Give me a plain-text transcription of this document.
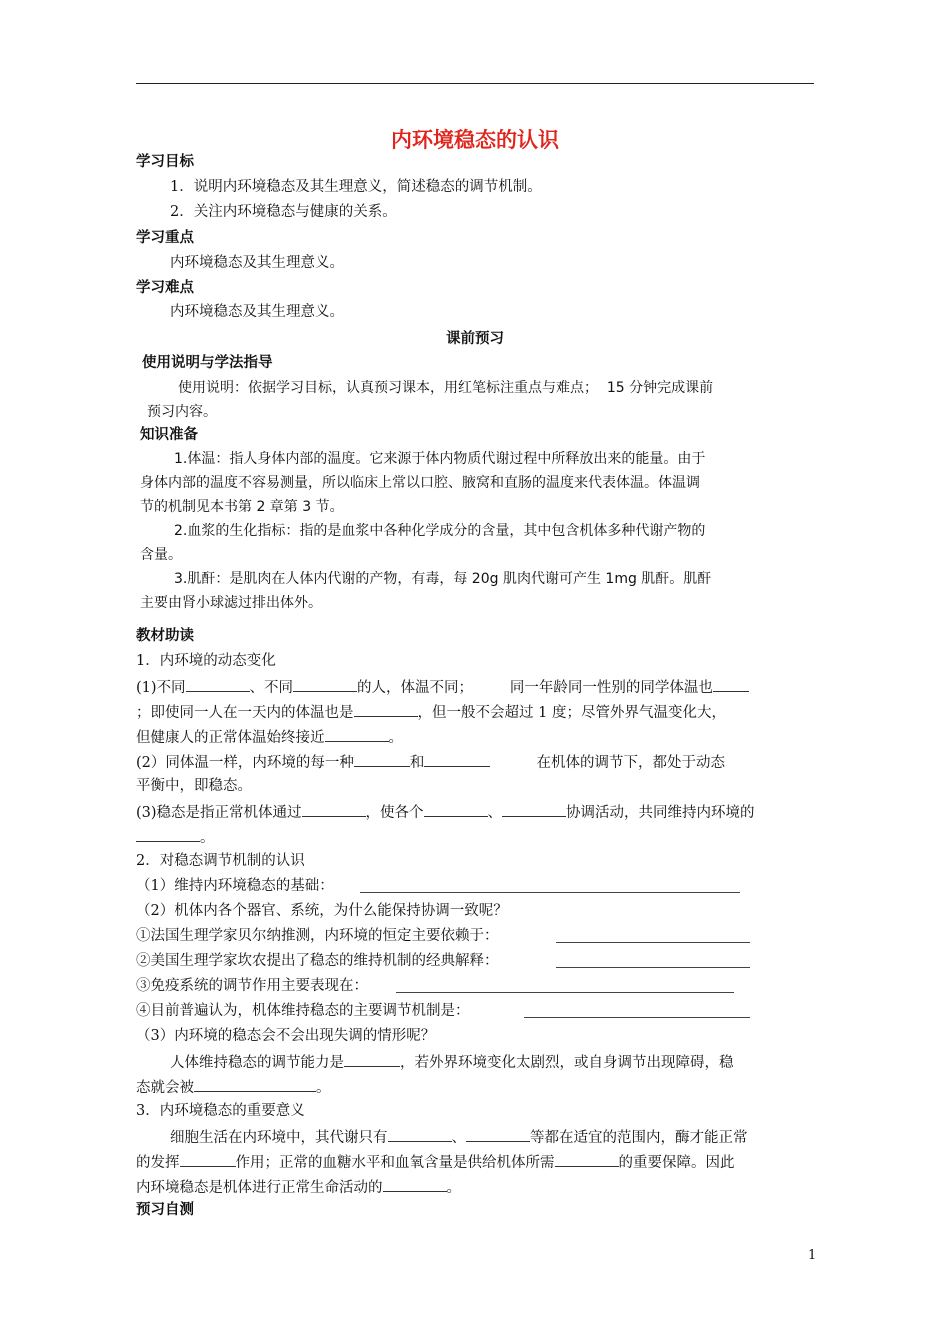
内环境稳态的认识
学习目标
1．说明内环境稳态及其生理意义，简述稳态的调节机制。
2．关注内环境稳态与健康的关系。
学习重点
内环境稳态及其生理意义。
学习难点
内环境稳态及其生理意义。
课前预习
使用说明与学法指导
使用说明：依据学习目标，认真预习课本，用红笔标注重点与难点；  15 分钟完成课前
预习内容。
知识准备
1.体温：指人身体内部的温度。它来源于体内物质代谢过程中所释放出来的能量。由于
身体内部的温度不容易测量，所以临床上常以口腔、腋窝和直肠的温度来代表体温。体温调
节的机制见本书第 2 章第 3 节。
2.血浆的生化指标：指的是血浆中各种化学成分的含量，其中包含机体多种代谢产物的
含量。
3.肌酐：是肌肉在人体内代谢的产物，有毒，每 20g 肌肉代谢可产生 1mg 肌酐。肌酐
主要由肾小球滤过排出体外。
教材助读
1．内环境的动态变化
(1)不同	、不同	的人，体温不同；	同一年龄同一性别的同学体温也
；即使同一人在一天内的体温也是	，但一般不会超过 1 度；尽管外界气温变化大，
但健康人的正常体温始终接近	。
(2）同体温一样，内环境的每一种	和	在机体的调节下，都处于动态
平衡中，即稳态。
(3)稳态是指正常机体通过	，使各个	、	协调活动，共同维持内环境的
。
2．对稳态调节机制的认识
（1）维持内环境稳态的基础：
（2）机体内各个器官、系统，为什么能保持协调一致呢？
①法国生理学家贝尔纳推测，内环境的恒定主要依赖于：
②美国生理学家坎农提出了稳态的维持机制的经典解释：
③免疫系统的调节作用主要表现在：
④目前普遍认为，机体维持稳态的主要调节机制是：
（3）内环境的稳态会不会出现失调的情形呢？
人体维持稳态的调节能力是	，若外界环境变化太剧烈，或自身调节出现障碍，稳
态就会被	。
3．内环境稳态的重要意义
细胞生活在内环境中，其代谢只有	、	等都在适宜的范围内，酶才能正常
的发挥	作用；正常的血糖水平和血氧含量是供给机体所需	的重要保障。因此
内环境稳态是机体进行正常生命活动的	。
预习自测
1
